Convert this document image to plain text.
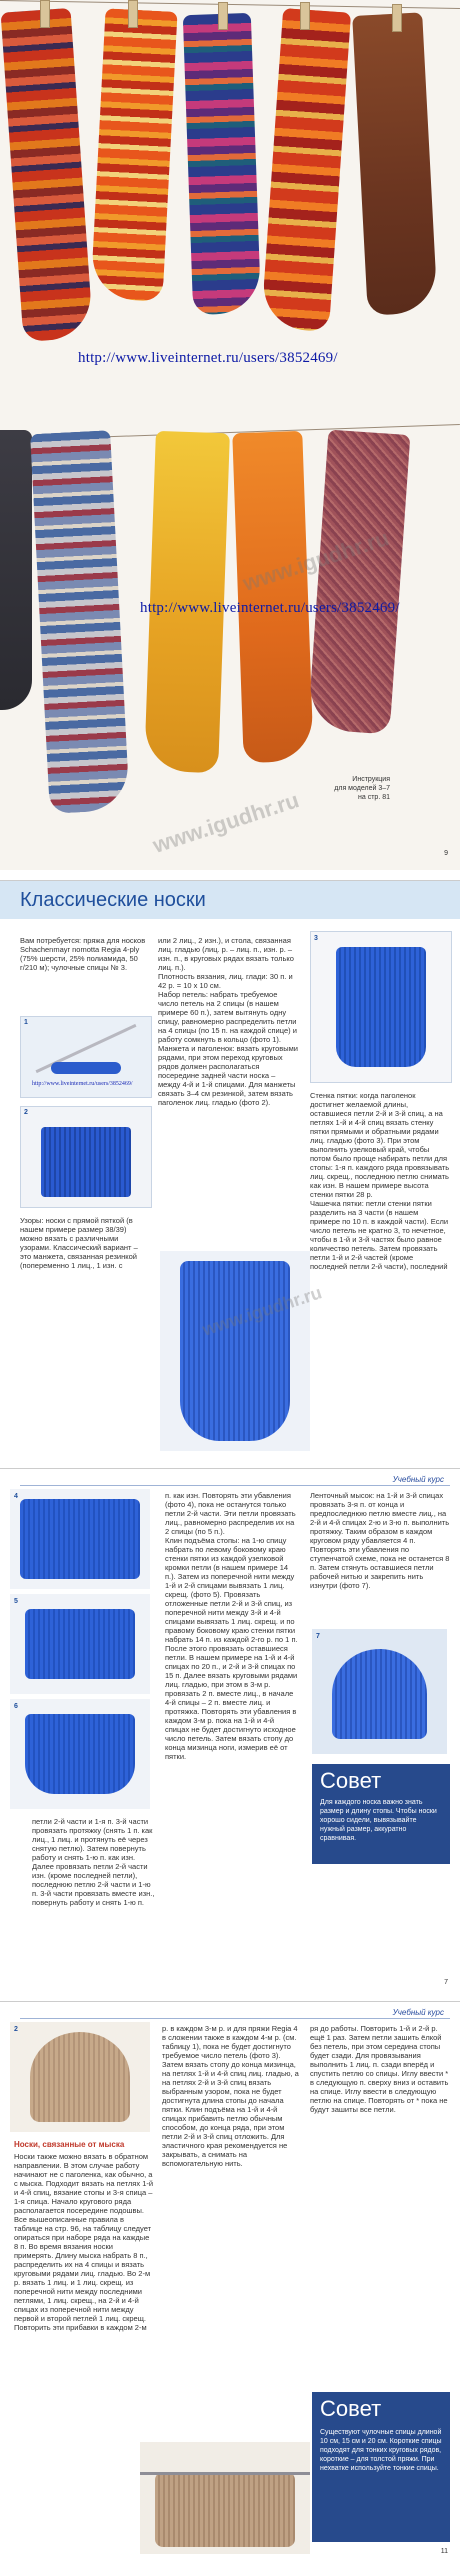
http://www.liveinternet.ru/users/3852469/
http://www.liveinternet.ru/users/3852469/
www.igudhr.ru
Инструкция
для моделей 3–7
на стр. 81
www.igudhr.ru	9
Классические носки
Вам потребуется: пряжа для носков Schachenmayr nomotta Regia 4-ply (75% шерсти, 25% полиамида, 50 г/210 м); чулочные спицы № 3.
или 2 лиц., 2 изн.), и стола, связанная лиц. гладью (лиц. р. – лиц. п., изн. р. – изн. п., в круговых рядах вязать только лиц. п.).
Плотность вязания, лиц. глади: 30 п. и 42 р. = 10 х 10 см.
Набор петель: набрать требуемое число петель на 2 спицы (в нашем примере 60 п.), затем вытянуть одну спицу, равномерно распределить петли на 4 спицы (по 15 п. на каждой спице) и работу сомкнуть в кольцо (фото 1).
Манжета и паголенок: вязать круговыми рядами, при этом переход круговых рядов должен располагаться посередине задней части носка – между 4-й и 1-й спицами. Для манжеты связать 3–4 см резинкой, затем вязать паголенок лиц. гладью (фото 2).
1
http://www.liveinternet.ru/users/3852469/
2
Узоры: носки с прямой пяткой (в нашем примере размер 38/39) можно вязать с различными узорами. Классический вариант – это манжета, связанная резинкой (попеременно 1 лиц., 1 изн. с
3
Стенка пятки: когда паголенок достигнет желаемой длины, оставшиеся петли 2-й и 3-й спиц, а на петлях 1-й и 4-й спиц вязать стенку пятки прямыми и обратными рядами лиц. гладью (фото 3). При этом выполнить узелковый край, чтобы потом было проще набирать петли для стопы: 1-я п. каждого ряда провязывать лиц. скрещ., последнюю петлю снимать как изн. В нашем примере высота стенки пятки 28 р.
Чашечка пятки: петли стенки пятки разделить на 3 части (в нашем примере по 10 п. в каждой части). Если число петель не кратно 3, то нечетное, чтобы в 1-й и 3-й частях было равное количество петель. Затем провязать петли 1-й и 2-й частей (кроме последней петли 2-й части), последний
www.igudhr.ru
Учебный курс
4
5
6
петли 2-й части и 1-я п. 3-й части провязать протяжку (снять 1 п. как лиц., 1 лиц. и протянуть её через снятую петлю). Затем повернуть работу и снять 1-ю п. как изн. Далее провязать петли 2-й части изн. (кроме последней петли), последнюю петлю 2-й части и 1-ю п. 3-й части провязать вместе изн., повернуть работу и снять 1-ю п.
п. как изн. Повторять эти убавления (фото 4), пока не останутся только петли 2-й части. Эти петли провязать лиц., равномерно распределив их на 2 спицы (по 5 п.).
Клин подъёма стопы: на 1-ю спицу набрать по левому боковому краю стенки пятки из каждой узелковой кромки петли (в нашем примере 14 п.). Затем из поперечной нити между 1-й и 2-й спицами вывязать 1 лиц. скрещ. (фото 5). Провязать отложенные петли 2-й и 3-й спиц, из поперечной нити между 3-й и 4-й спицами вывязать 1 лиц. скрещ. и по правому боковому краю стенки пятки набрать 14 п. из каждой 2-го р. по 1 п. После этого провязать оставшиеся петли. В нашем примере на 1-й и 4-й спицах по 20 п., и 2-й и 3-й спицах по 15 п. Далее вязать круговыми рядами лиц. гладью, при этом в 3-м р. провязать 2 п. вместе лиц., в начале 4-й спицы – 2 п. вместе лиц. и протяжка. Повторять эти убавления в каждом 3-м р. пока на 1-й и 4-й спицах не будет достигнуто исходное число петель. Затем вязать стопу до конца мизинца ноги, измерив её от пятки.
Ленточный мысок: на 1-й и 3-й спицах провязать 3-я п. от конца и предпоследнюю петлю вместе лиц., на 2-й и 4-й спицах 2-ю и 3-ю п. выполнить протяжку. Таким образом в каждом круговом ряду убавляется 4 п. Повторять эти убавления по ступенчатой схеме, пока не останется 8 п. Затем стянуть оставшиеся петли рабочей нитью и закрепить нить изнутри (фото 7).
7
Совет
Для каждого носка важно знать размер и длину стопы. Чтобы носки хорошо сидели, вывязывайте нужный размер, аккуратно сравнивая.
7
Учебный курс
2
Носки, связанные от мыска
Носки также можно вязать в обратном направлении. В этом случае работу начинают не с паголенка, как обычно, а с мыска. Подходит вязать на петлях 1-й и 4-й спиц, вязание стопы и 3-я спица – 1-я спица. Начало кругового ряда располагается посередине подошвы. Все вышеописанные правила в таблице на стр. 96, на таблицу следует опираться при наборе ряда на каждые 8 п. Во время вязания носки примерять. Длину мыска набрать 8 п., распределить их на 4 спицы и вязать круговыми рядами лиц. гладью. Во 2-м р. вязать 1 лиц. и 1 лиц. скрещ. из поперечной нити между последними петлями, 1 лиц. скрещ., на 2-й и 4-й спицах из поперечной нити между первой и второй петлей 1 лиц. скрещ. Повторить эти прибавки в каждом 2-м
р. в каждом 3-м р. и для пряжи Regia 4 в сложении также в каждом 4-м р. (см. таблицу 1), пока не будет достигнуто требуемое число петель (фото 3). Затем вязать стопу до конца мизинца, на петлях 1-й и 4-й спиц лиц. гладью, а на петлях 2-й и 3-й спиц вязать выбранным узором, пока не будет достигнута длина стопы до начала пятки. Клин подъёма на 1-й и 4-й спицах прибавить петлю обычным способом, до конца ряда, при этом петли 2-й и 3-й спиц отложить. Для эластичного края рекомендуется не закрывать, а снимать на вспомогательную нить.
ря до работы. Повторить 1-й и 2-й р. ещё 1 раз. Затем петли зашить ёлкой без петель, при этом середина стопы будет сзади. Для провязывания выполнить 1 лиц. п. сзади вперёд и спустить петлю со спицы. Иглу ввести * в следующую п. сверху вниз и оставить на спице. Иглу ввести в следующую петлю на спице. Повторять от * пока не будут зашиты все петли.
Совет
Существуют чулочные спицы длиной 10 см, 15 см и 20 см. Короткие спицы подходят для тонких круговых рядов, короткие – для толстой пряжи. При нехватке используйте тонкие спицы.
11
